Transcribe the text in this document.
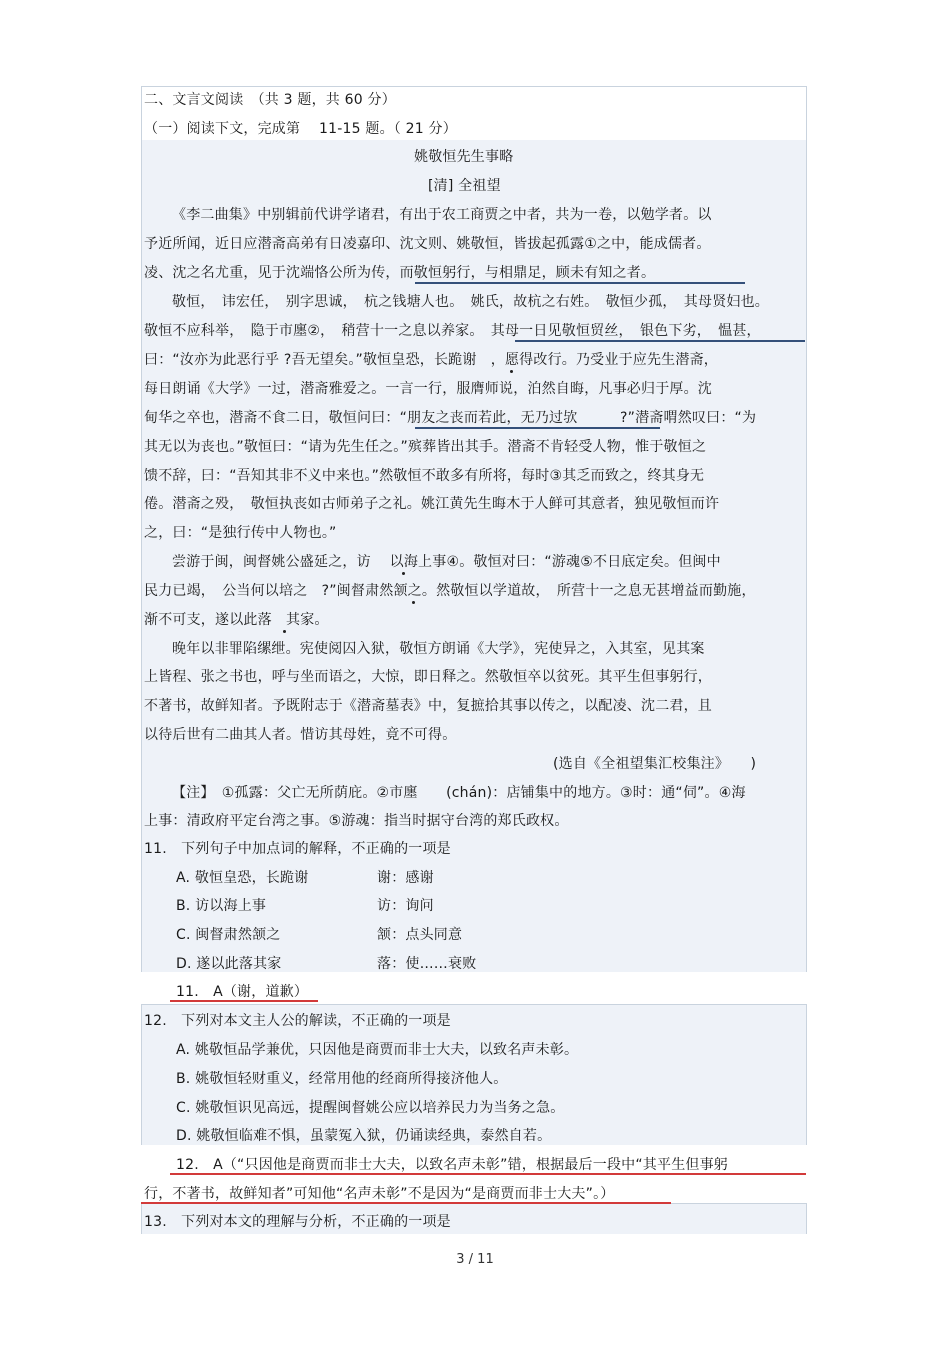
二、文言文阅读　（共 3 题，共 60 分）
（一）阅读下文，完成第　 11-15 题。（ 21 分）
姚敬恒先生事略
[清] 全祖望
《李二曲集》中别辑前代讲学诸君，有出于农工商贾之中者，共为一卷，以勉学者。以
予近所闻，近日应潜斋高弟有日凌嘉印、沈文则、姚敬恒，皆拔起孤露①之中，能成儒者。
凌、沈之名尤重，见于沈端恪公所为传，而敬恒躬行，与相鼎足，顾未有知之者。
敬恒，　讳宏任，　别字思诚，　杭之钱塘人也。　姚氏，故杭之右姓。　敬恒少孤，　其母贤妇也。
敬恒不应科举，　隐于市廛②，　稍营十一之息以养家。　其母一日见敬恒贸丝，　银色下劣，　愠甚，
曰：“汝亦为此恶行乎 ?吾无望矣。”敬恒皇恐，长跪谢　，愿得改行。乃受业于应先生潜斋，
每日朗诵《大学》一过，潜斋雅爱之。一言一行，服膺师说，泊然自晦，凡事必归于厚。沈
甸华之卒也，潜斋不食二日，敬恒问曰：“朋友之丧而若此，无乃过欤　　　?”潜斋喟然叹曰：“为
其无以为丧也。”敬恒曰：“请为先生任之。”殡葬皆出其手。潜斋不肯轻受人物，惟于敬恒之
馈不辞，曰：“吾知其非不义中来也。”然敬恒不敢多有所将，每时③其乏而致之，终其身无
倦。潜斋之殁，　敬恒执丧如古师弟子之礼。姚江黄先生晦木于人鲜可其意者，独见敬恒而许
之，曰：“是独行传中人物也。”
尝游于闽，闽督姚公盛延之，访　 以海上事④。敬恒对曰：“游魂⑤不日底定矣。但闽中
民力已竭，　公当何以培之　?”闽督肃然颔之。然敬恒以学道故，　所营十一之息无甚增益而勤施，
渐不可支，遂以此落　其家。
晚年以非罪陷缧绁。宪使阅囚入狱，敬恒方朗诵《大学》，宪使异之，入其室，见其案
上皆程、张之书也，呼与坐而语之，大惊，即日释之。然敬恒卒以贫死。其平生但事躬行，
不著书，故鲜知者。予既附志于《潜斋墓表》中，复摭拾其事以传之，以配凌、沈二君，且
以待后世有二曲其人者。惜访其母姓，竟不可得。
(选自《全祖望集汇校集注》　　)
【注】　①孤露：父亡无所荫庇。②市廛　　(chán)：店铺集中的地方。③时：通“伺”。④海
上事：清政府平定台湾之事。⑤游魂：指当时据守台湾的郑氏政权。
11.　下列句子中加点词的解释，不正确的一项是
A. 敬恒皇恐，长跪谢	谢：感谢
B. 访以海上事	访：询问
C. 闽督肃然颔之	颔：点头同意
D. 遂以此落其家	落：使……衰败
11.　A（谢，道歉）
12.　下列对本文主人公的解读，不正确的一项是
A. 姚敬恒品学兼优，只因他是商贾而非士大夫，以致名声未彰。
B. 姚敬恒轻财重义，经常用他的经商所得接济他人。
C. 姚敬恒识见高远，提醒闽督姚公应以培养民力为当务之急。
D. 姚敬恒临难不惧，虽蒙冤入狱，仍诵读经典，泰然自若。
12.　A（“只因他是商贾而非士大夫，以致名声未彰”错，根据最后一段中“其平生但事躬
行，不著书，故鲜知者”可知他“名声未彰”不是因为“是商贾而非士大夫”。）
13.　下列对本文的理解与分析，不正确的一项是
3 / 11
